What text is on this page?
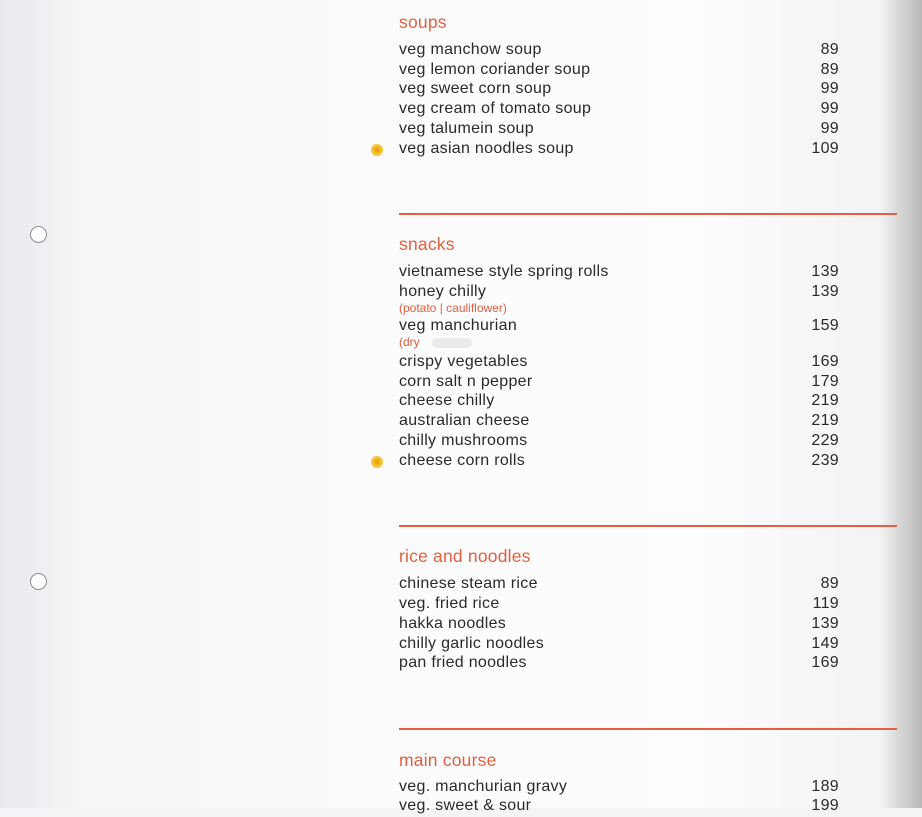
soups
veg manchow soup	89
veg lemon coriander soup	89
veg sweet corn soup	99
veg cream of tomato soup	99
veg talumein soup	99
veg asian noodles soup	109
snacks
vietnamese style spring rolls	139
honey chilly	139
(potato | cauliflower)
veg manchurian	159
(dry
crispy vegetables	169
corn salt n pepper	179
cheese chilly	219
australian cheese	219
chilly mushrooms	229
cheese corn rolls	239
rice and noodles
chinese steam rice	89
veg. fried rice	119
hakka noodles	139
chilly garlic noodles	149
pan fried noodles	169
main course
veg. manchurian gravy	189
veg. sweet & sour	199
